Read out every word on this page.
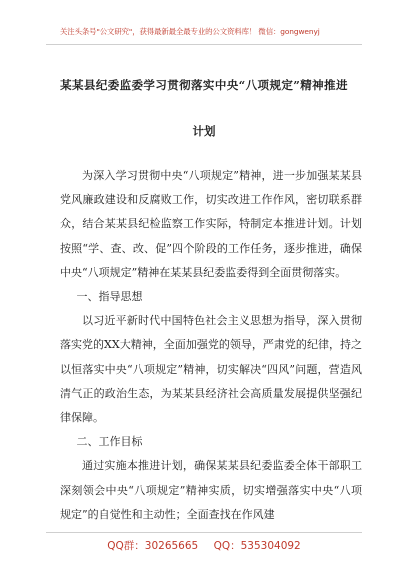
关注头条号"公文研究"，获得最新最全最专业的公文资料库！ 微信：gongwenyj
某某县纪委监委学习贯彻落实中央“八项规定”精神推进
计划

为深入学习贯彻中央“八项规定”精神，进一步加强某某县党风廉政建设和反腐败工作，切实改进工作作风，密切联系群众，结合某某县纪检监察工作实际，特制定本推进计划。计划按照“学、查、改、促”四个阶段的工作任务，逐步推进，确保中央“八项规定”精神在某某县纪委监委得到全面贯彻落实。

一、指导思想

以习近平新时代中国特色社会主义思想为指导，深入贯彻落实党的XX大精神，全面加强党的领导，严肃党的纪律，持之以恒落实中央“八项规定”精神，切实解决“四风”问题，营造风清气正的政治生态，为某某县经济社会高质量发展提供坚强纪律保障。

二、工作目标

通过实施本推进计划，确保某某县纪委监委全体干部职工深刻领会中央“八项规定”精神实质，切实增强落实中央“八项规定”的自觉性和主动性；全面查找在作风建

QQ群：30265665 QQ：535304092
